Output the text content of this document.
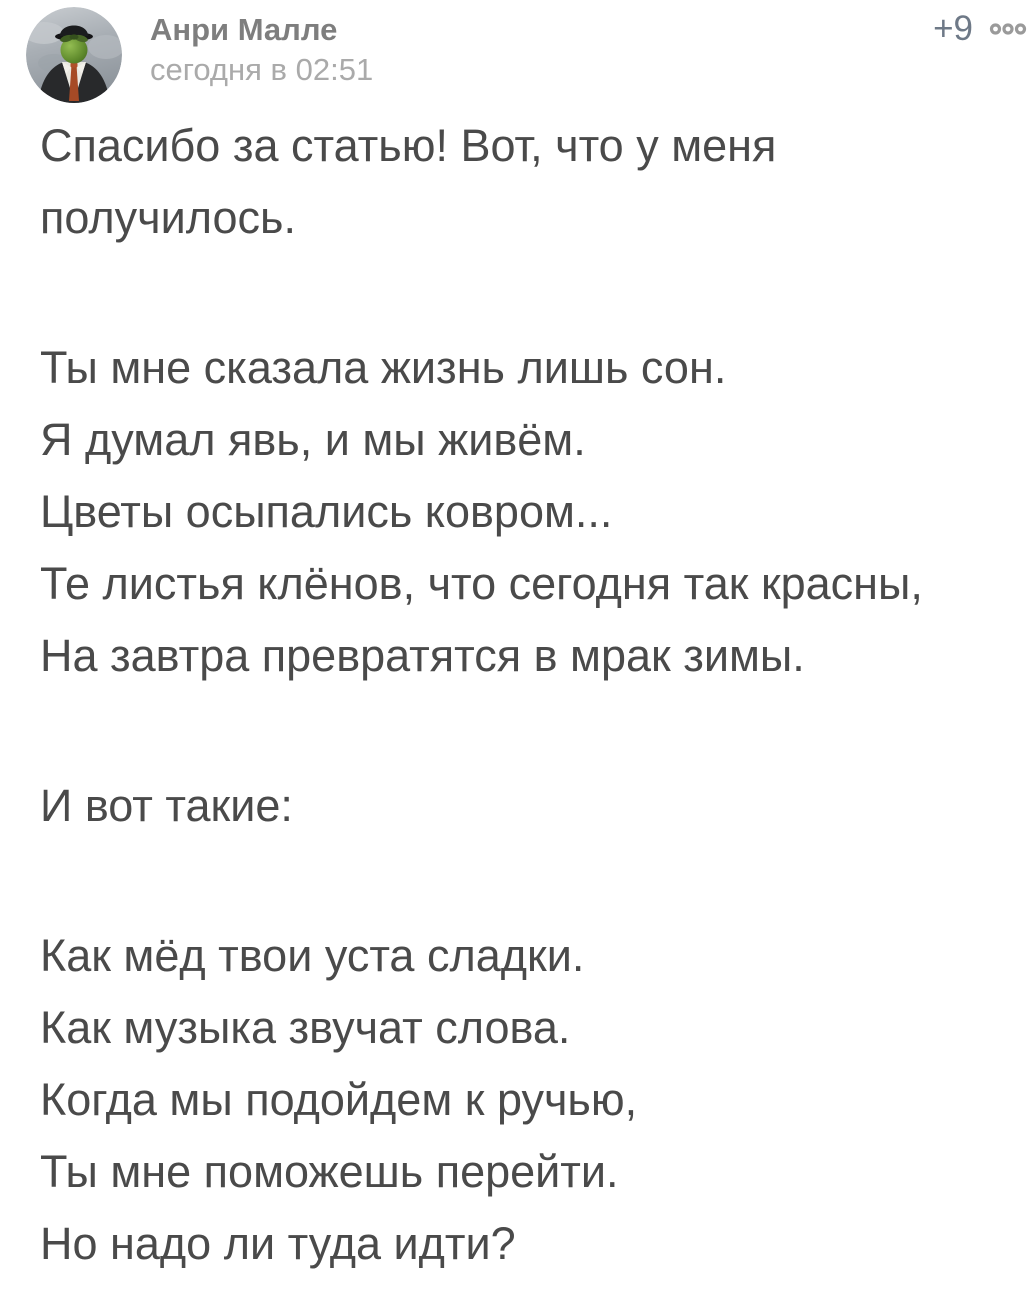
Анри Малле
сегодня в 02:51
+9
Спасибо за статью! Вот, что у меня
получилось.
Ты мне сказала жизнь лишь сон.
Я думал явь, и мы живём.
Цветы осыпались ковром...
Те листья клёнов, что сегодня так красны,
На завтра превратятся в мрак зимы.
И вот такие:
Как мёд твои уста сладки.
Как музыка звучат слова.
Когда мы подойдем к ручью,
Ты мне поможешь перейти.
Но надо ли туда идти?
